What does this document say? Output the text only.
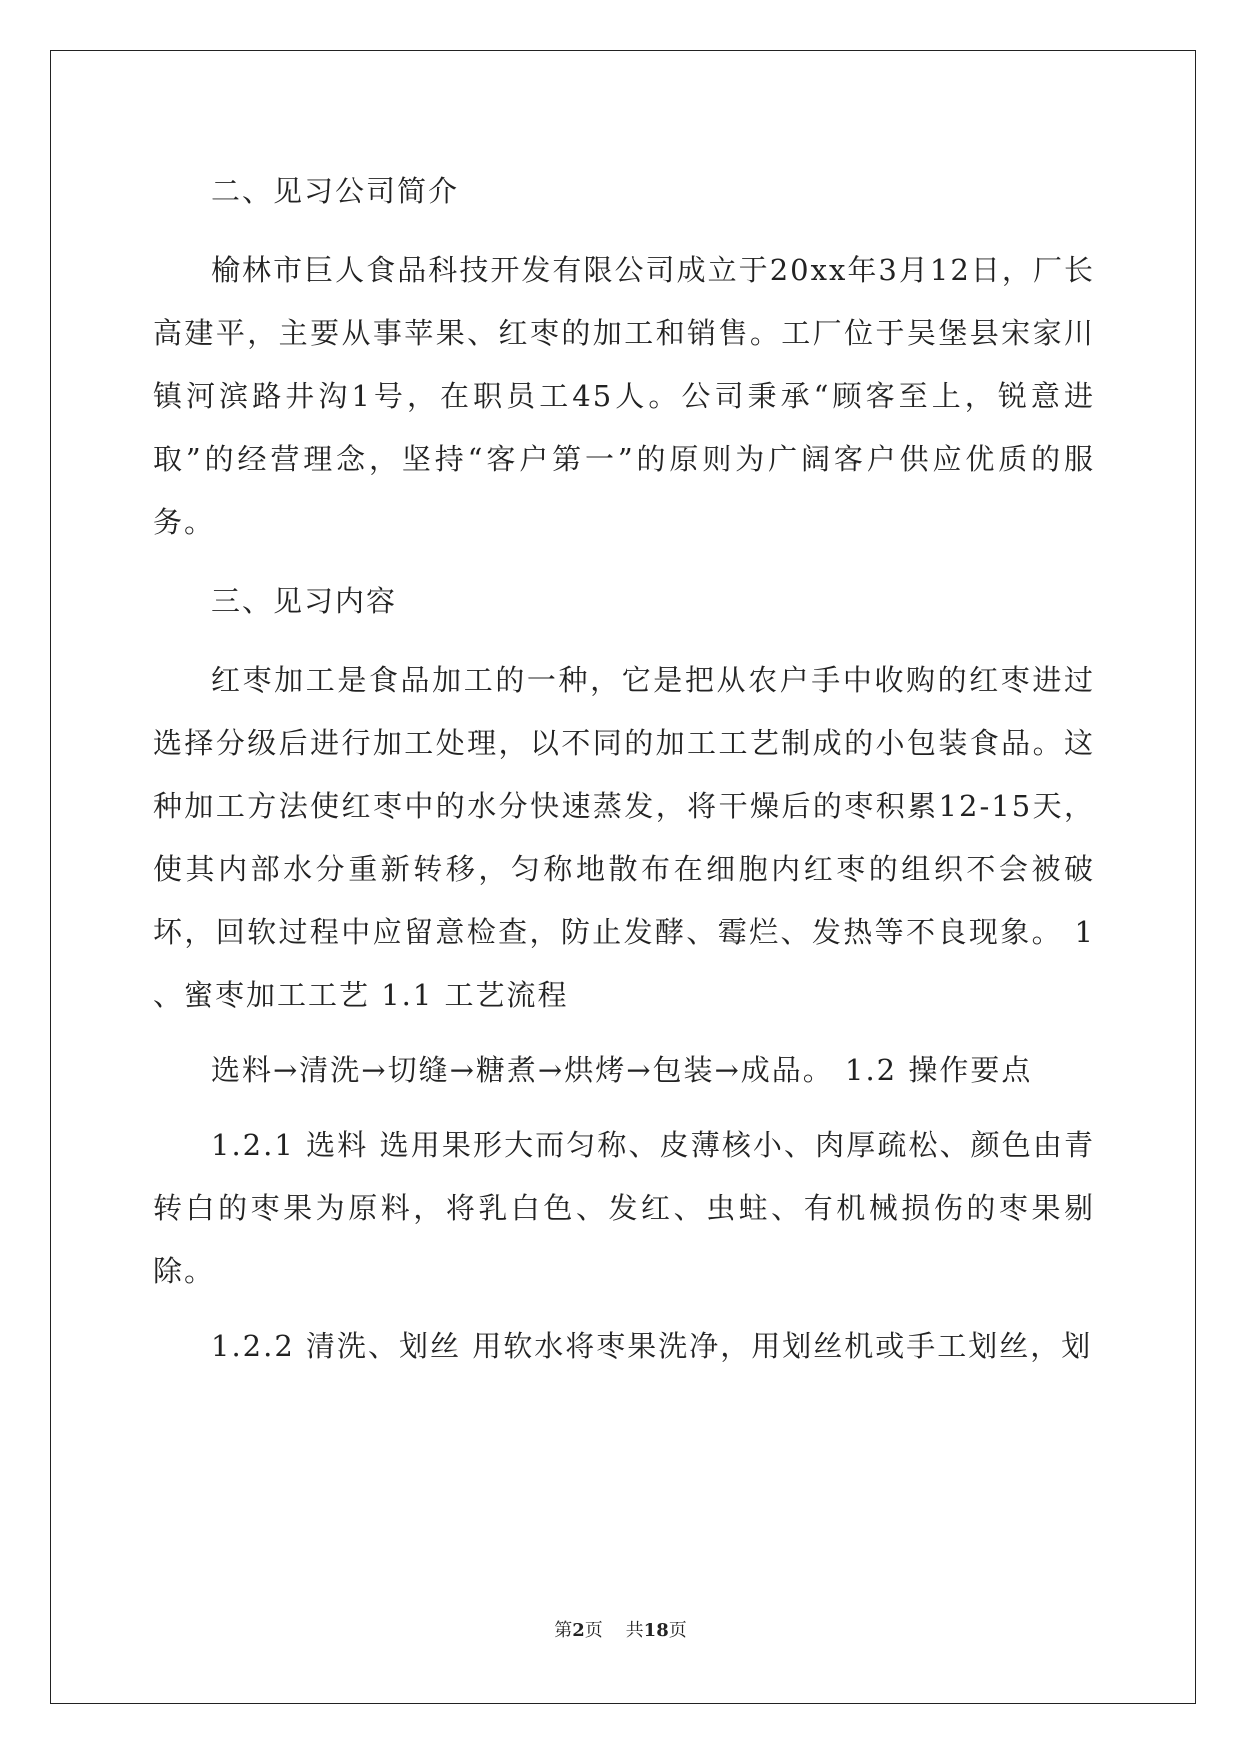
二、见习公司简介

榆林市巨人食品科技开发有限公司成立于20xx年3月12日，厂长高建平，主要从事苹果、红枣的加工和销售。工厂位于吴堡县宋家川镇河滨路井沟1号，在职员工45人。公司秉承“顾客至上，锐意进取”的经营理念，坚持“客户第一”的原则为广阔客户供应优质的服务。

三、见习内容

红枣加工是食品加工的一种，它是把从农户手中收购的红枣进过选择分级后进行加工处理，以不同的加工工艺制成的小包装食品。这种加工方法使红枣中的水分快速蒸发，将干燥后的枣积累12-15天，使其内部水分重新转移，匀称地散布在细胞内红枣的组织不会被破坏，回软过程中应留意检查，防止发酵、霉烂、发热等不良现象。 1 、蜜枣加工工艺 1.1 工艺流程

选料→清洗→切缝→糖煮→烘烤→包装→成品。 1.2 操作要点

1.2.1 选料 选用果形大而匀称、皮薄核小、肉厚疏松、颜色由青转白的枣果为原料，将乳白色、发红、虫蛀、有机械损伤的枣果剔除。

1.2.2 清洗、划丝 用软水将枣果洗净，用划丝机或手工划丝，划

第2页 共18页
